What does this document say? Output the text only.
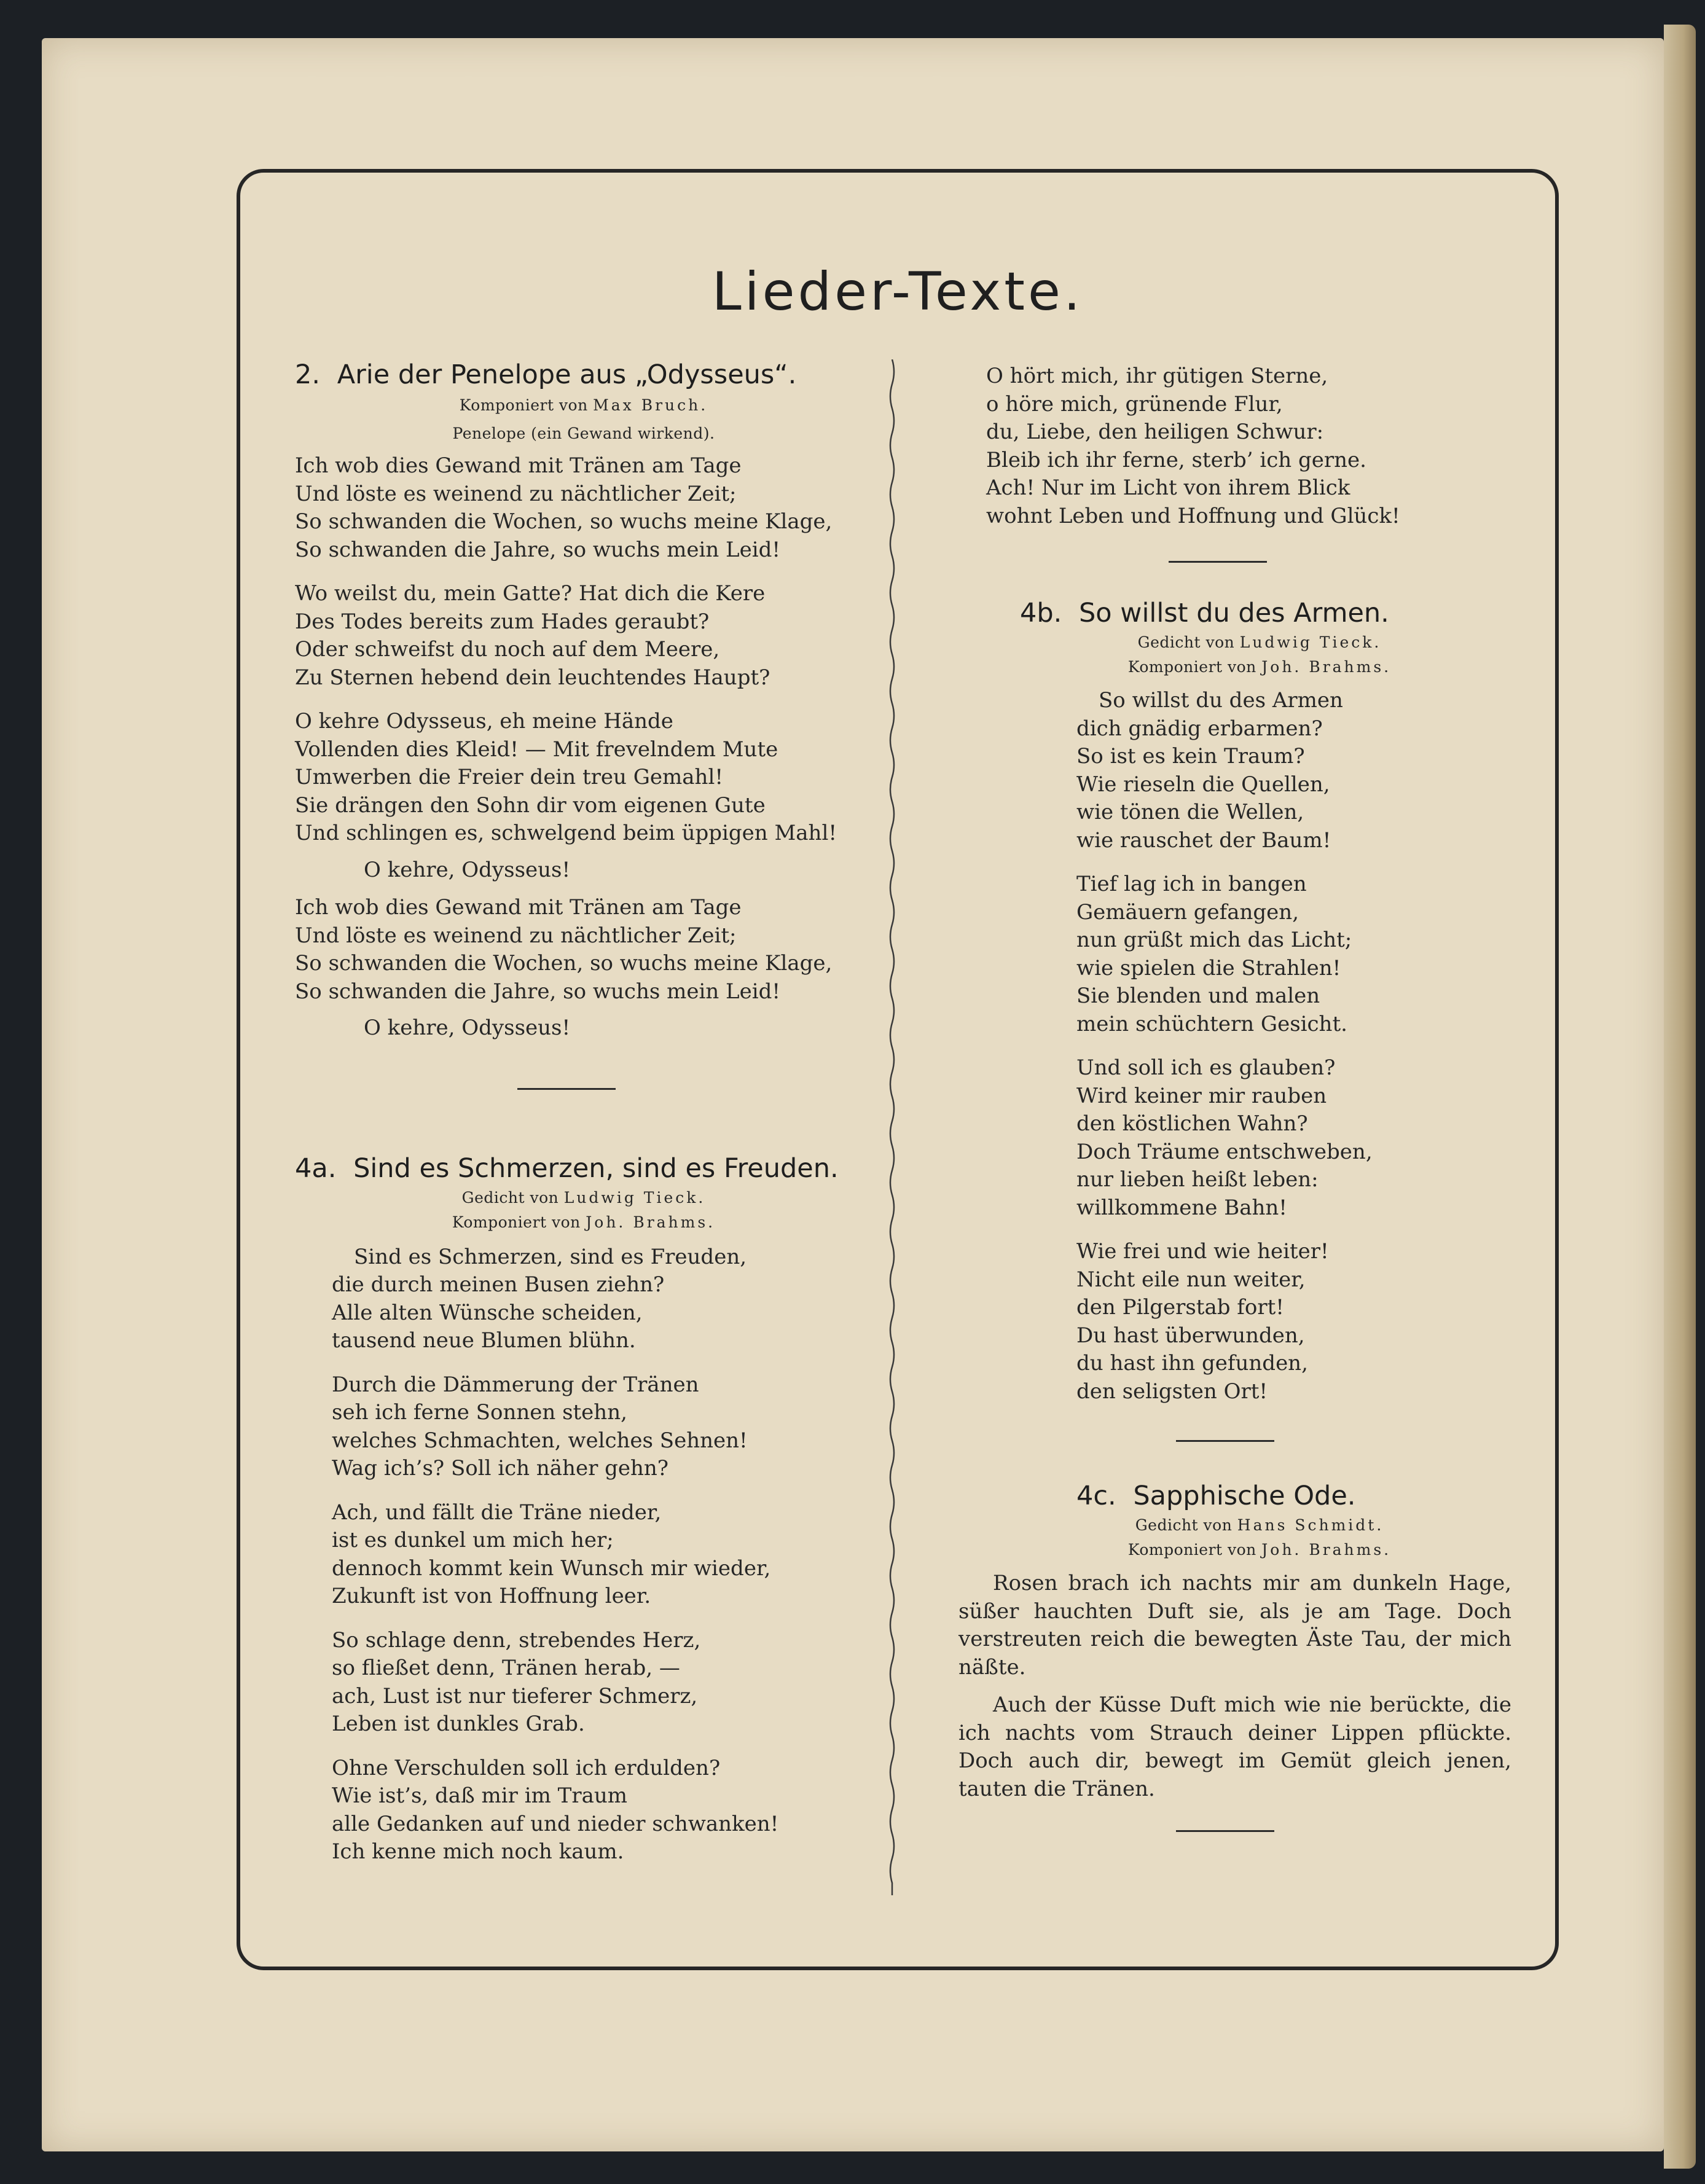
Lieder-Texte.
2. Arie der Penelope aus „Odysseus“.

Komponiert von Max Bruch.

Penelope (ein Gewand wirkend).

Ich wob dies Gewand mit Tränen am Tage
Und löste es weinend zu nächtlicher Zeit;
So schwanden die Wochen, so wuchs meine Klage,
So schwanden die Jahre, so wuchs mein Leid!

Wo weilst du, mein Gatte? Hat dich die Kere
Des Todes bereits zum Hades geraubt?
Oder schweifst du noch auf dem Meere,
Zu Sternen hebend dein leuchtendes Haupt?

O kehre Odysseus, eh meine Hände
Vollenden dies Kleid! — Mit frevelndem Mute
Umwerben die Freier dein treu Gemahl!
Sie drängen den Sohn dir vom eigenen Gute
Und schlingen es, schwelgend beim üppigen Mahl!

O kehre, Odysseus!

Ich wob dies Gewand mit Tränen am Tage
Und löste es weinend zu nächtlicher Zeit;
So schwanden die Wochen, so wuchs meine Klage,
So schwanden die Jahre, so wuchs mein Leid!

O kehre, Odysseus!

4a. Sind es Schmerzen, sind es Freuden.

Gedicht von Ludwig Tieck.

Komponiert von Joh. Brahms.

Sind es Schmerzen, sind es Freuden,
die durch meinen Busen ziehn?
Alle alten Wünsche scheiden,
tausend neue Blumen blühn.

Durch die Dämmerung der Tränen
seh ich ferne Sonnen stehn,
welches Schmachten, welches Sehnen!
Wag ich’s? Soll ich näher gehn?

Ach, und fällt die Träne nieder,
ist es dunkel um mich her;
dennoch kommt kein Wunsch mir wieder,
Zukunft ist von Hoffnung leer.

So schlage denn, strebendes Herz,
so fließet denn, Tränen herab, —
ach, Lust ist nur tieferer Schmerz,
Leben ist dunkles Grab.

Ohne Verschulden soll ich erdulden?
Wie ist’s, daß mir im Traum
alle Gedanken auf und nieder schwanken!
Ich kenne mich noch kaum.

O hört mich, ihr gütigen Sterne,
o höre mich, grünende Flur,
du, Liebe, den heiligen Schwur:
Bleib ich ihr ferne, sterb’ ich gerne.
Ach! Nur im Licht von ihrem Blick
wohnt Leben und Hoffnung und Glück!

4b. So willst du des Armen.

Gedicht von Ludwig Tieck.

Komponiert von Joh. Brahms.

So willst du des Armen
dich gnädig erbarmen?
So ist es kein Traum?
Wie rieseln die Quellen,
wie tönen die Wellen,
wie rauschet der Baum!

Tief lag ich in bangen
Gemäuern gefangen,
nun grüßt mich das Licht;
wie spielen die Strahlen!
Sie blenden und malen
mein schüchtern Gesicht.

Und soll ich es glauben?
Wird keiner mir rauben
den köstlichen Wahn?
Doch Träume entschweben,
nur lieben heißt leben:
willkommene Bahn!

Wie frei und wie heiter!
Nicht eile nun weiter,
den Pilgerstab fort!
Du hast überwunden,
du hast ihn gefunden,
den seligsten Ort!

4c. Sapphische Ode.

Gedicht von Hans Schmidt.

Komponiert von Joh. Brahms.

Rosen brach ich nachts mir am dunkeln Hage, süßer hauchten Duft sie, als je am Tage. Doch verstreuten reich die bewegten Äste Tau, der mich näßte.

Auch der Küsse Duft mich wie nie berückte, die ich nachts vom Strauch deiner Lippen pflückte. Doch auch dir, bewegt im Gemüt gleich jenen, tauten die Tränen.
